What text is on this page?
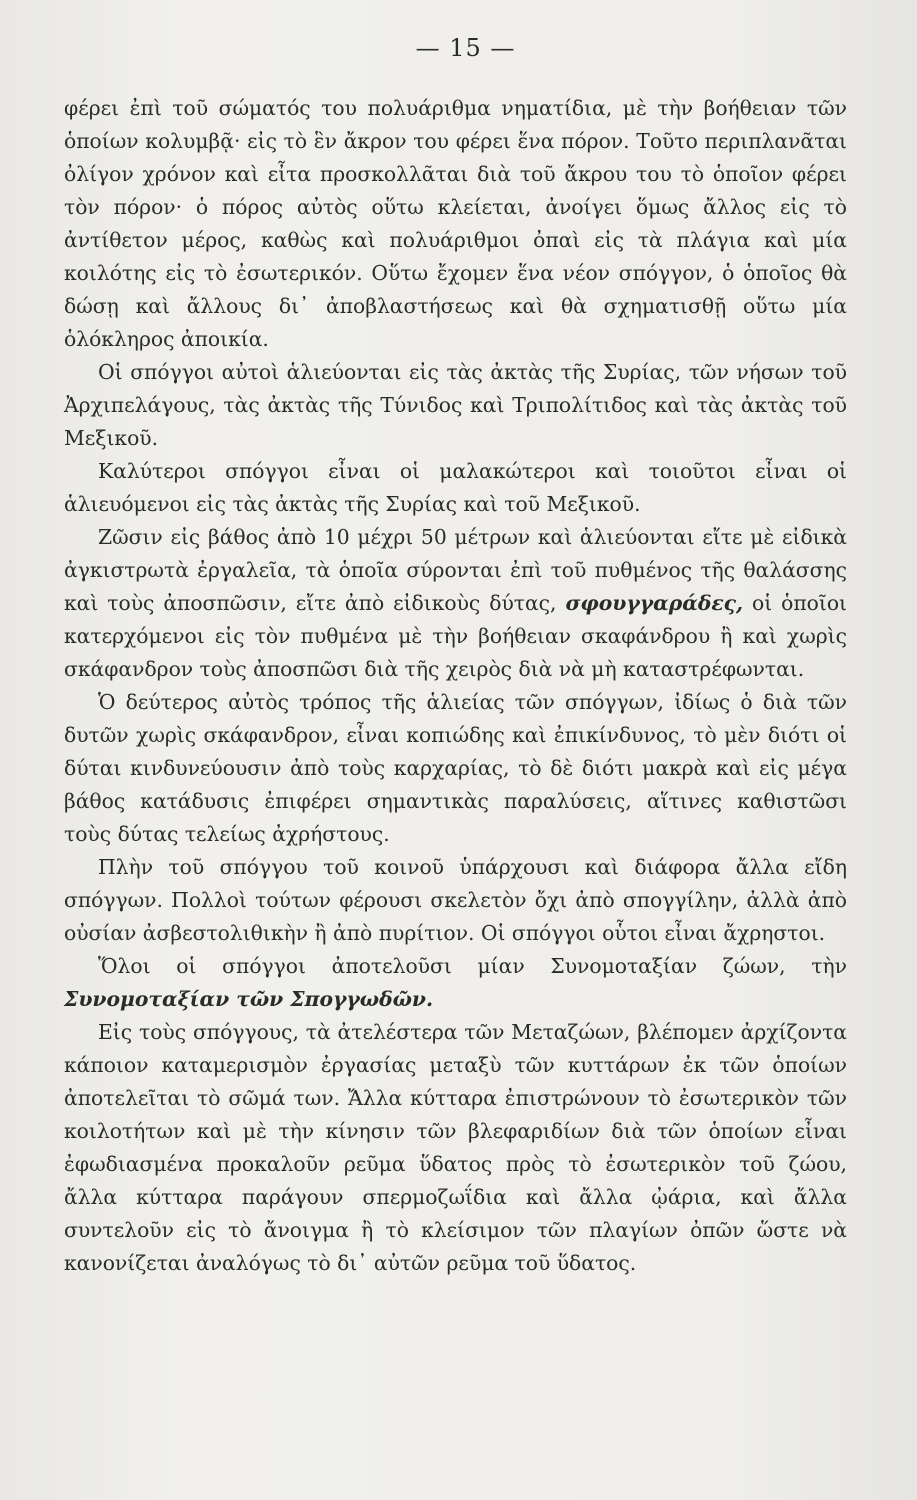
— 15 —

φέρει ἐπὶ τοῦ σώματός του πολυάριθμα νηματίδια, μὲ τὴν βοήθειαν τῶν ὁποίων κολυμβᾷ· εἰς τὸ ἓν ἄκρον του φέρει ἕνα πόρον. Τοῦτο περιπλανᾶται ὀλίγον χρόνον καὶ εἶτα προσκολλᾶται διὰ τοῦ ἄκρου του τὸ ὁποῖον φέρει τὸν πόρον· ὁ πόρος αὐτὸς οὕτω κλείεται, ἀνοίγει ὅμως ἄλλος εἰς τὸ ἀντίθετον μέρος, καθὼς καὶ πολυάριθμοι ὀπαὶ εἰς τὰ πλάγια καὶ μία κοιλότης εἰς τὸ ἐσωτερικόν. Οὕτω ἔχομεν ἕνα νέον σπόγγον, ὁ ὁποῖος θὰ δώσῃ καὶ ἄλλους δι᾿ ἀποβλαστήσεως καὶ θὰ σχηματισθῇ οὕτω μία ὁλόκληρος ἀποικία.

Οἱ σπόγγοι αὐτοὶ ἁλιεύονται εἰς τὰς ἀκτὰς τῆς Συρίας, τῶν νήσων τοῦ Ἀρχιπελάγους, τὰς ἀκτὰς τῆς Τύνιδος καὶ Τριπολίτιδος καὶ τὰς ἀκτὰς τοῦ Μεξικοῦ.

Καλύτεροι σπόγγοι εἶναι οἱ μαλακώτεροι καὶ τοιοῦτοι εἶναι οἱ ἁλιευόμενοι εἰς τὰς ἀκτὰς τῆς Συρίας καὶ τοῦ Μεξικοῦ.

Ζῶσιν εἰς βάθος ἀπὸ 10 μέχρι 50 μέτρων καὶ ἁλιεύονται εἴτε μὲ εἰδικὰ ἀγκιστρωτὰ ἐργαλεῖα, τὰ ὁποῖα σύρονται ἐπὶ τοῦ πυθμένος τῆς θαλάσσης καὶ τοὺς ἀποσπῶσιν, εἴτε ἀπὸ εἰδικοὺς δύτας, σφουγγαράδες, οἱ ὁποῖοι κατερχόμενοι εἰς τὸν πυθμένα μὲ τὴν βοήθειαν σκαφάνδρου ἢ καὶ χωρὶς σκάφανδρον τοὺς ἀποσπῶσι διὰ τῆς χειρὸς διὰ νὰ μὴ καταστρέφωνται.

Ὁ δεύτερος αὐτὸς τρόπος τῆς ἁλιείας τῶν σπόγγων, ἰδίως ὁ διὰ τῶν δυτῶν χωρὶς σκάφανδρον, εἶναι κοπιώδης καὶ ἐπικίνδυνος, τὸ μὲν διότι οἱ δύται κινδυνεύουσιν ἀπὸ τοὺς καρχαρίας, τὸ δὲ διότι μακρὰ καὶ εἰς μέγα βάθος κατάδυσις ἐπιφέρει σημαντικὰς παραλύσεις, αἵτινες καθιστῶσι τοὺς δύτας τελείως ἀχρήστους.

Πλὴν τοῦ σπόγγου τοῦ κοινοῦ ὑπάρχουσι καὶ διάφορα ἄλλα εἴδη σπόγγων. Πολλοὶ τούτων φέρουσι σκελετὸν ὄχι ἀπὸ σπογγίλην, ἀλλὰ ἀπὸ οὐσίαν ἀσβεστολιθικὴν ἢ ἀπὸ πυρίτιον. Οἱ σπόγγοι οὗτοι εἶναι ἄχρηστοι.

Ὅλοι οἱ σπόγγοι ἀποτελοῦσι μίαν Συνομοταξίαν ζώων, τὴν Συνομοταξίαν τῶν Σπογγωδῶν.

Εἰς τοὺς σπόγγους, τὰ ἀτελέστερα τῶν Μεταζώων, βλέπομεν ἀρχίζοντα κάποιον καταμερισμὸν ἐργασίας μεταξὺ τῶν κυττάρων ἐκ τῶν ὁποίων ἀποτελεῖται τὸ σῶμά των. Ἄλλα κύτταρα ἐπιστρώνουν τὸ ἐσωτερικὸν τῶν κοιλοτήτων καὶ μὲ τὴν κίνησιν τῶν βλεφαριδίων διὰ τῶν ὁποίων εἶναι ἐφωδιασμένα προκαλοῦν ρεῦμα ὕδατος πρὸς τὸ ἐσωτερικὸν τοῦ ζώου, ἄλλα κύτταρα παράγουν σπερμοζωΐδια καὶ ἄλλα ᾠάρια, καὶ ἄλλα συντελοῦν εἰς τὸ ἄνοιγμα ἢ τὸ κλείσιμον τῶν πλαγίων ὀπῶν ὥστε νὰ κανονίζεται ἀναλόγως τὸ δι᾿ αὐτῶν ρεῦμα τοῦ ὕδατος.
